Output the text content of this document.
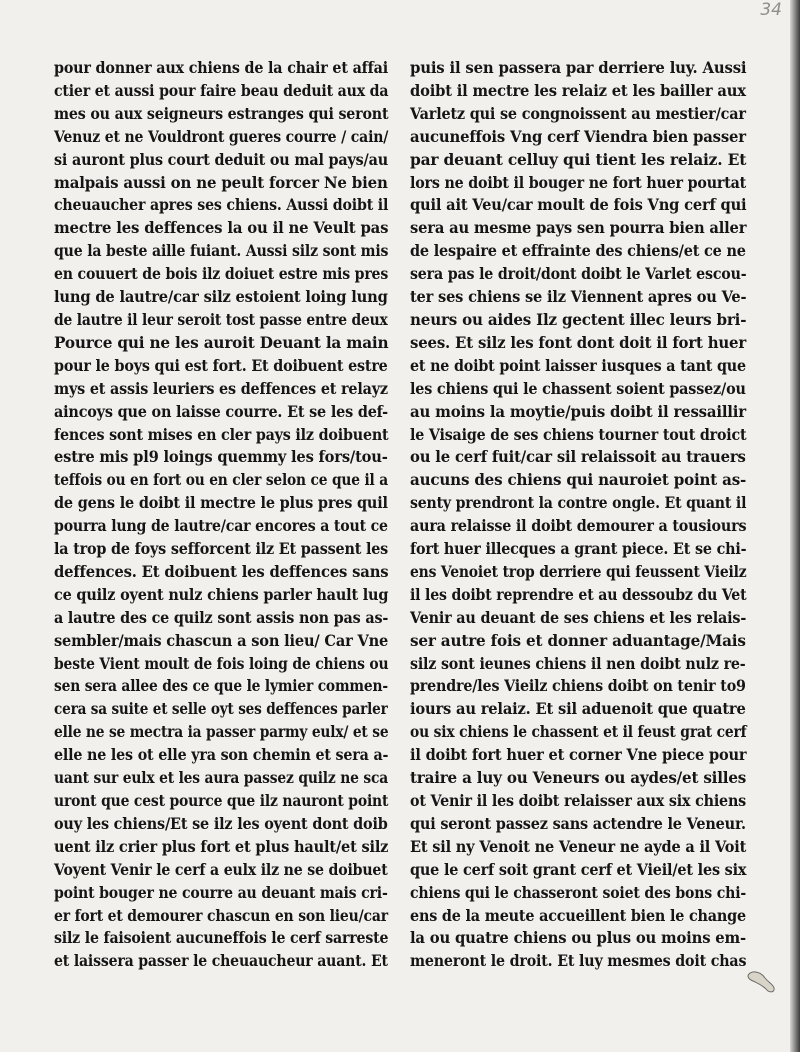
34
pour donner aux chiens de la chair et affai
ctier et aussi pour faire beau deduit aux da
mes ou aux seigneurs estranges qui seront
Venuz et ne Vouldront gueres courre / cain/
si auront plus court deduit ou mal pays/au
malpais aussi on ne peult forcer Ne bien
cheuaucher apres ses chiens. Aussi doibt il
mectre les deffences la ou il ne Veult pas
que la beste aille fuiant. Aussi silz sont mis
en couuert de bois ilz doiuet estre mis pres
lung de lautre/car silz estoient loing lung
de lautre il leur seroit tost passe entre deux
Pource qui ne les auroit Deuant la main
pour le boys qui est fort. Et doibuent estre
mys et assis leuriers es deffences et relayz
aincoys que on laisse courre. Et se les def-
fences sont mises en cler pays ilz doibuent
estre mis pl9 loings quemmy les fors/tou-
teffois ou en fort ou en cler selon ce que il a
de gens le doibt il mectre le plus pres quil
pourra lung de lautre/car encores a tout ce
la trop de foys sefforcent ilz Et passent les
deffences. Et doibuent les deffences sans
ce quilz oyent nulz chiens parler hault lug
a lautre des ce quilz sont assis non pas as-
sembler/mais chascun a son lieu/ Car Vne
beste Vient moult de fois loing de chiens ou
sen sera allee des ce que le lymier commen-
cera sa suite et selle oyt ses deffences parler
elle ne se mectra ia passer parmy eulx/ et se
elle ne les ot elle yra son chemin et sera a-
uant sur eulx et les aura passez quilz ne sca
uront que cest pource que ilz nauront point
ouy les chiens/Et se ilz les oyent dont doib
uent ilz crier plus fort et plus hault/et silz
Voyent Venir le cerf a eulx ilz ne se doibuet
point bouger ne courre au deuant mais cri-
er fort et demourer chascun en son lieu/car
silz le faisoient aucuneffois le cerf sarreste
et laissera passer le cheuaucheur auant. Et
puis il sen passera par derriere luy. Aussi
doibt il mectre les relaiz et les bailler aux
Varletz qui se congnoissent au mestier/car
aucuneffois Vng cerf Viendra bien passer
par deuant celluy qui tient les relaiz. Et
lors ne doibt il bouger ne fort huer pourtat
quil ait Veu/car moult de fois Vng cerf qui
sera au mesme pays sen pourra bien aller
de lespaire et effrainte des chiens/et ce ne
sera pas le droit/dont doibt le Varlet escou-
ter ses chiens se ilz Viennent apres ou Ve-
neurs ou aides Ilz gectent illec leurs bri-
sees. Et silz les font dont doit il fort huer
et ne doibt point laisser iusques a tant que
les chiens qui le chassent soient passez/ou
au moins la moytie/puis doibt il ressaillir
le Visaige de ses chiens tourner tout droict
ou le cerf fuit/car sil relaissoit au trauers
aucuns des chiens qui nauroiet point as-
senty prendront la contre ongle. Et quant il
aura relaisse il doibt demourer a tousiours
fort huer illecques a grant piece. Et se chi-
ens Venoiet trop derriere qui feussent Vieilz
il les doibt reprendre et au dessoubz du Vet
Venir au deuant de ses chiens et les relais-
ser autre fois et donner aduantage/Mais
silz sont ieunes chiens il nen doibt nulz re-
prendre/les Vieilz chiens doibt on tenir to9
iours au relaiz. Et sil aduenoit que quatre
ou six chiens le chassent et il feust grat cerf
il doibt fort huer et corner Vne piece pour
traire a luy ou Veneurs ou aydes/et silles
ot Venir il les doibt relaisser aux six chiens
qui seront passez sans actendre le Veneur.
Et sil ny Venoit ne Veneur ne ayde a il Voit
que le cerf soit grant cerf et Vieil/et les six
chiens qui le chasseront soiet des bons chi-
ens de la meute accueillent bien le change
la ou quatre chiens ou plus ou moins em-
meneront le droit. Et luy mesmes doit chas
